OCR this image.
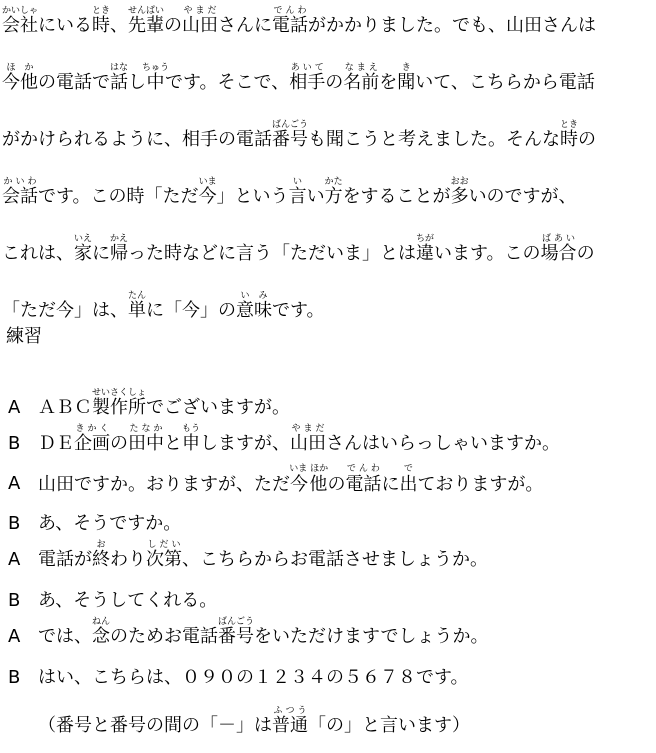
会社かいしゃにいる時とき、先輩せんぱいの山田やまださんに電話でんわがかかりました。でも、山田さんは
今他ほかの電話で話はなし中ちゅうです。そこで、相手あいての名前なまえを聞きいて、こちらから電話
がかけられるように、相手の電話番号ばんごうも聞こうと考えました。そんな時ときの
会話かいわです。この時「ただ今いま」という言いい方かたをすることが多おおいのですが、
これは、家いえに帰かえった時などに言う「ただいま」とは違ちがいます。この場合ばあいの
「ただ今」は、単たんに「今」の意味いみです。
練習
A ＡＢＣ製作所せいさくしょでございますが。
B ＤＥ企画きかくの田中たなかと申もうしますが、山田やまださんはいらっしゃいますか。
A 山田ですか。おりますが、ただ今他いま ほかの電話でんわに出でておりますが。
B あ、そうですか。
A 電話が終おわり次第しだい、こちらからお電話させましょうか。
B あ、そうしてくれる。
A では、念ねんのためお電話番号ばんごうをいただけますでしょうか。
B はい、こちらは、０９０の１２３４の５６７８です。
（番号と番号の間の「－」は普通ふつう「の」と言います）
